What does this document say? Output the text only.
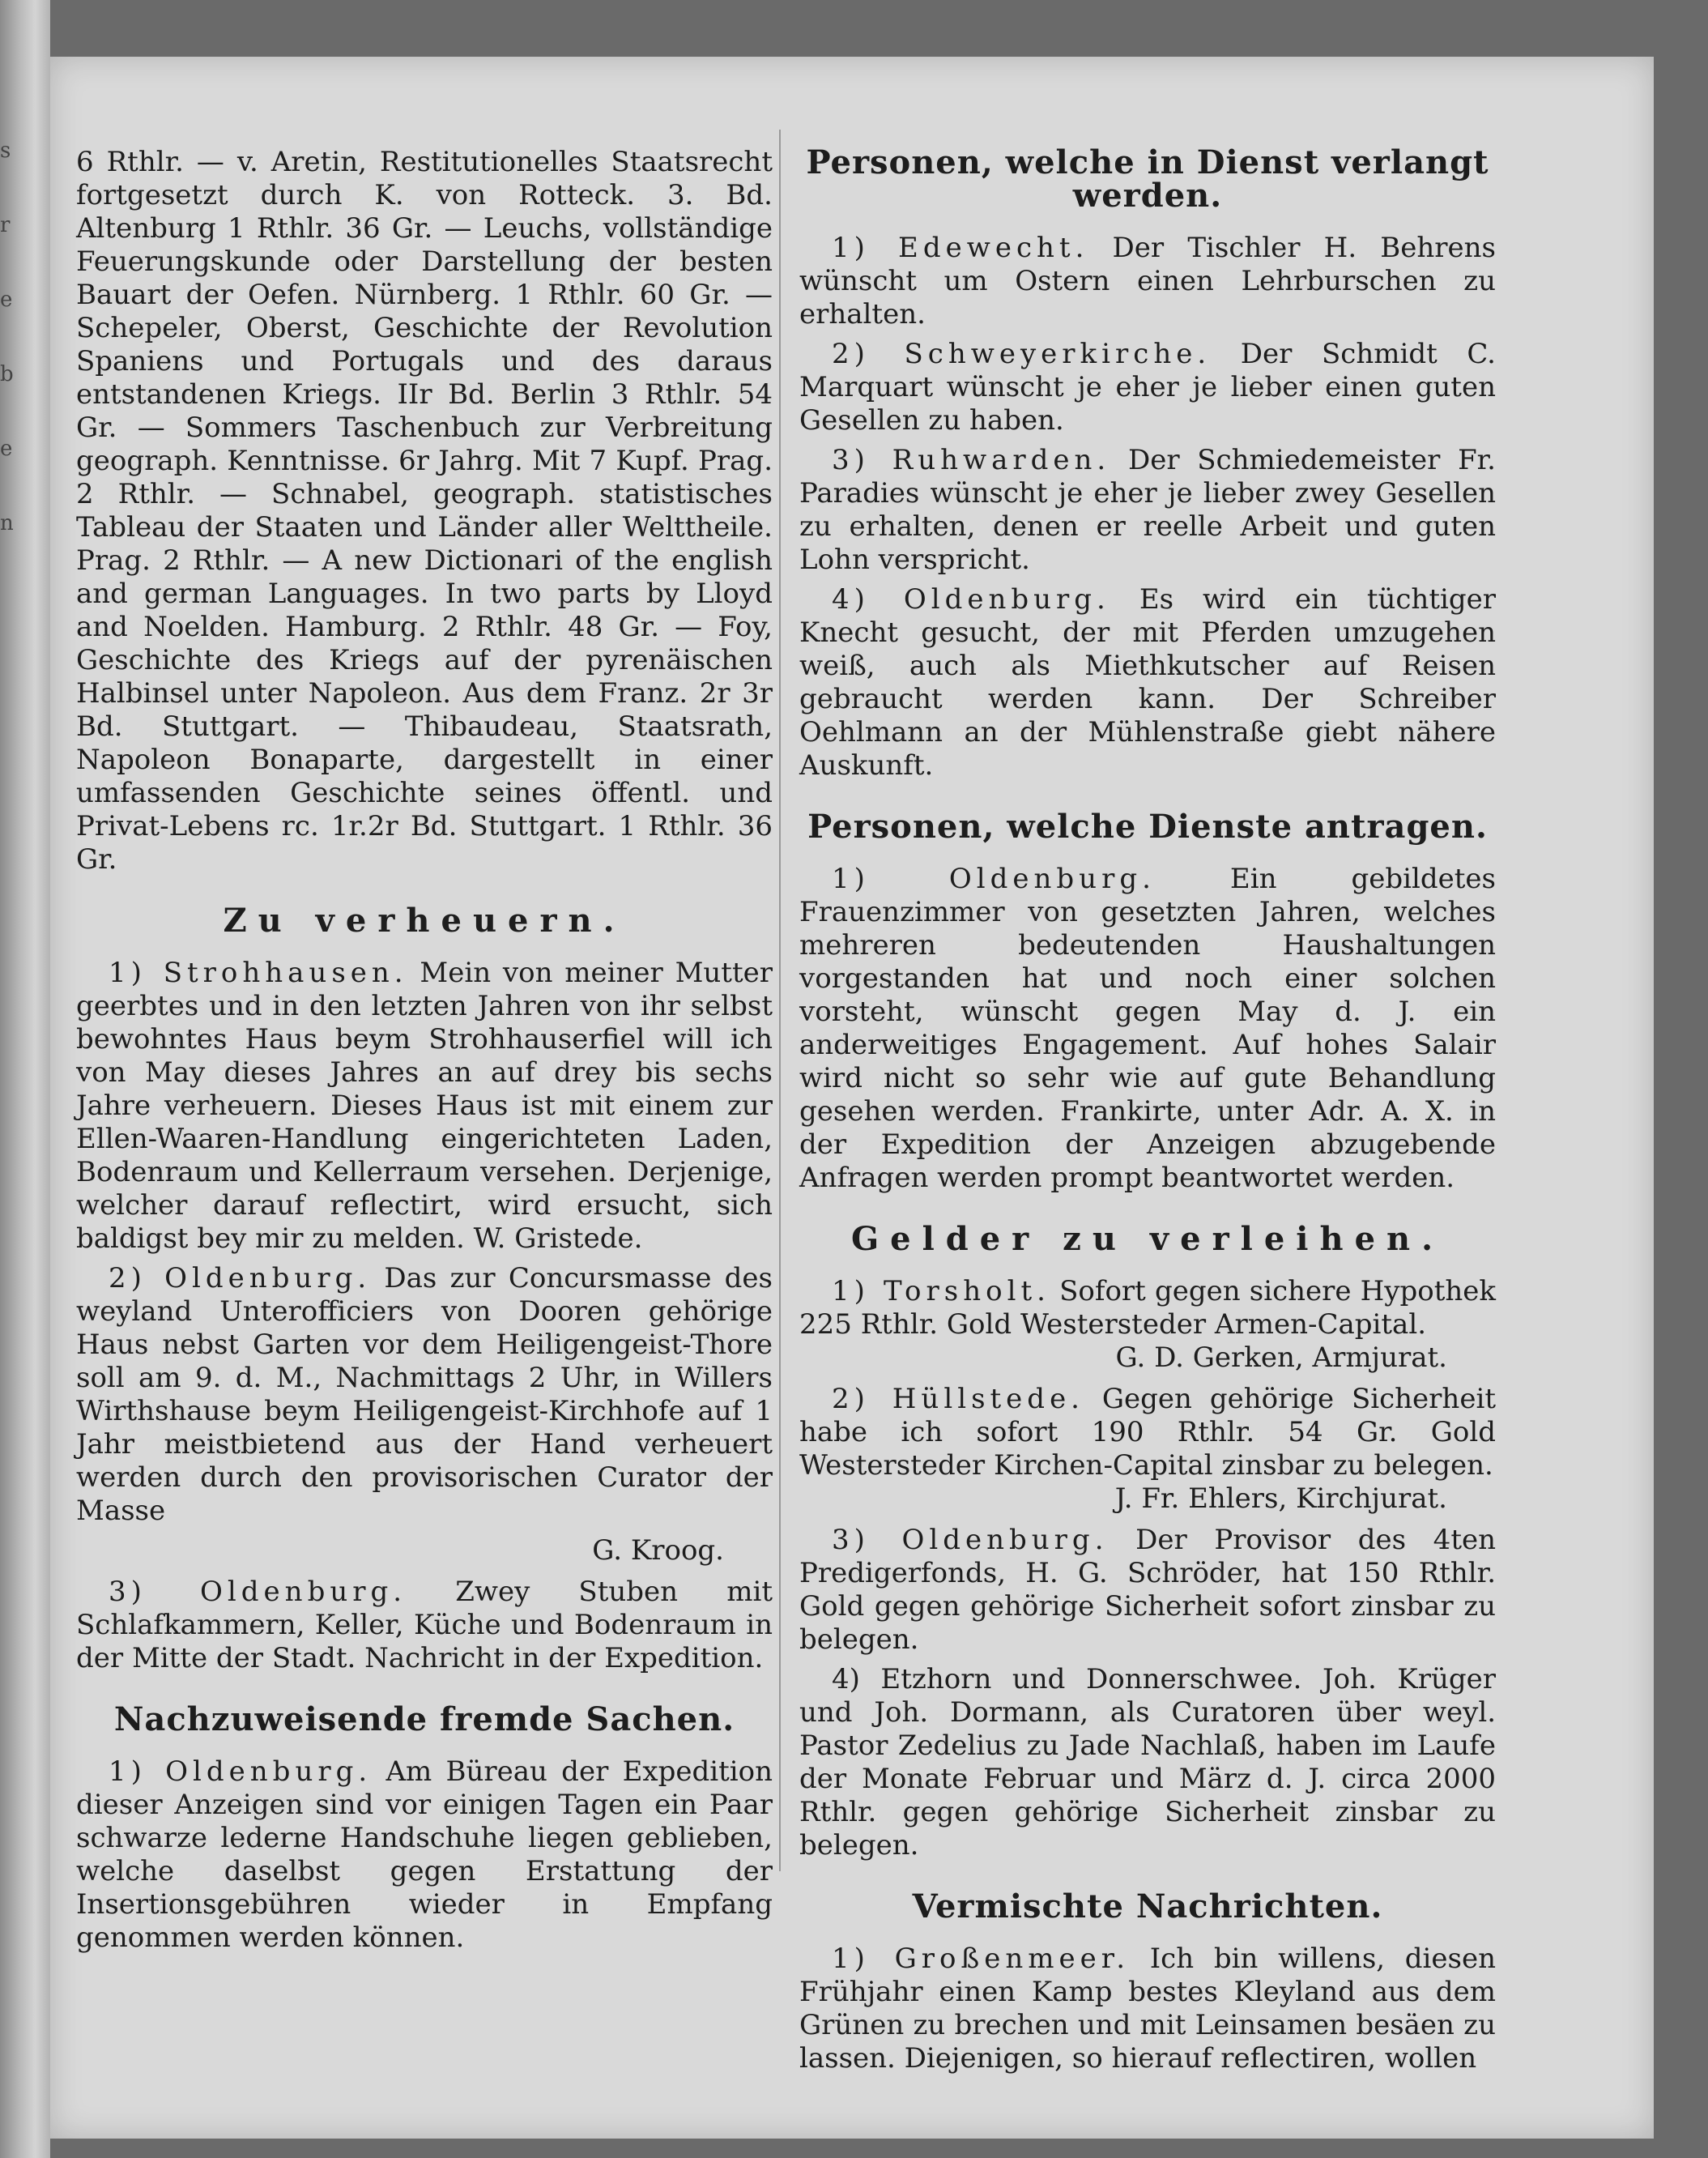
s
r
e
b
e
n

6 Rthlr. — v. Aretin, Restitutionelles Staatsrecht fortgesetzt durch K. von Rotteck. 3. Bd. Altenburg 1 Rthlr. 36 Gr. — Leuchs, vollständige Feuerungskunde oder Darstellung der besten Bauart der Oefen. Nürnberg. 1 Rthlr. 60 Gr. — Schepeler, Oberst, Geschichte der Revolution Spaniens und Portugals und des daraus entstandenen Kriegs. IIr Bd. Berlin 3 Rthlr. 54 Gr. — Sommers Taschenbuch zur Verbreitung geograph. Kenntnisse. 6r Jahrg. Mit 7 Kupf. Prag. 2 Rthlr. — Schnabel, geograph. statistisches Tableau der Staaten und Länder aller Welttheile. Prag. 2 Rthlr. — A new Dictionari of the english and german Languages. In two parts by Lloyd and Noelden. Hamburg. 2 Rthlr. 48 Gr. — Foy, Geschichte des Kriegs auf der pyrenäischen Halbinsel unter Napoleon. Aus dem Franz. 2r 3r Bd. Stuttgart. — Thibaudeau, Staatsrath, Napoleon Bonaparte, dargestellt in einer umfassenden Geschichte seines öffentl. und Privat-Lebens rc. 1r.2r Bd. Stuttgart. 1 Rthlr. 36 Gr.

Zu verheuern.

1) Strohhausen. Mein von meiner Mutter geerbtes und in den letzten Jahren von ihr selbst bewohntes Haus beym Strohhauserfiel will ich von May dieses Jahres an auf drey bis sechs Jahre verheuern. Dieses Haus ist mit einem zur Ellen-Waaren-Handlung eingerichteten Laden, Bodenraum und Kellerraum versehen. Derjenige, welcher darauf reflectirt, wird ersucht, sich baldigst bey mir zu melden. W. Gristede.

2) Oldenburg. Das zur Concursmasse des weyland Unterofficiers von Dooren gehörige Haus nebst Garten vor dem Heiligengeist-Thore soll am 9. d. M., Nachmittags 2 Uhr, in Willers Wirthshause beym Heiligengeist-Kirchhofe auf 1 Jahr meistbietend aus der Hand verheuert werden durch den provisorischen Curator der Masse

G. Kroog.

3) Oldenburg. Zwey Stuben mit Schlafkammern, Keller, Küche und Bodenraum in der Mitte der Stadt. Nachricht in der Expedition.

Nachzuweisende fremde Sachen.

1) Oldenburg. Am Büreau der Expedition dieser Anzeigen sind vor einigen Tagen ein Paar schwarze lederne Handschuhe liegen geblieben, welche daselbst gegen Erstattung der Insertionsgebühren wieder in Empfang genommen werden können.

Personen, welche in Dienst verlangt werden.

1) Edewecht. Der Tischler H. Behrens wünscht um Ostern einen Lehrburschen zu erhalten.

2) Schweyerkirche. Der Schmidt C. Marquart wünscht je eher je lieber einen guten Gesellen zu haben.

3) Ruhwarden. Der Schmiedemeister Fr. Paradies wünscht je eher je lieber zwey Gesellen zu erhalten, denen er reelle Arbeit und guten Lohn verspricht.

4) Oldenburg. Es wird ein tüchtiger Knecht gesucht, der mit Pferden umzugehen weiß, auch als Miethkutscher auf Reisen gebraucht werden kann. Der Schreiber Oehlmann an der Mühlenstraße giebt nähere Auskunft.

Personen, welche Dienste antragen.

1) Oldenburg.	Ein gebildetes Frauenzimmer von gesetzten Jahren, welches mehreren bedeutenden Haushaltungen vorgestanden hat und noch einer solchen vorsteht, wünscht gegen May d. J. ein anderweitiges Engagement. Auf hohes Salair wird nicht so sehr wie auf gute Behandlung gesehen werden. Frankirte, unter Adr. A. X. in der Expedition der Anzeigen abzugebende Anfragen werden prompt beantwortet werden.

Gelder zu verleihen.

1) Torsholt. Sofort gegen sichere Hypothek 225 Rthlr. Gold Westersteder Armen-Capital.

G. D. Gerken, Armjurat.

2) Hüllstede. Gegen gehörige Sicherheit habe ich sofort 190 Rthlr. 54 Gr. Gold Westersteder Kirchen-Capital zinsbar zu belegen.

J. Fr. Ehlers, Kirchjurat.

3) Oldenburg. Der Provisor des 4ten Predigerfonds, H. G. Schröder, hat 150 Rthlr. Gold gegen gehörige Sicherheit sofort zinsbar zu belegen.

4) Etzhorn und Donnerschwee. Joh. Krüger und Joh. Dormann, als Curatoren über weyl. Pastor Zedelius zu Jade Nachlaß, haben im Laufe der Monate Februar und März d. J. circa 2000 Rthlr. gegen gehörige Sicherheit zinsbar zu belegen.

Vermischte Nachrichten.

1) Großenmeer. Ich bin willens, diesen Frühjahr einen Kamp bestes Kleyland aus dem Grünen zu brechen und mit Leinsamen besäen zu lassen. Diejenigen, so hierauf reflectiren, wollen
